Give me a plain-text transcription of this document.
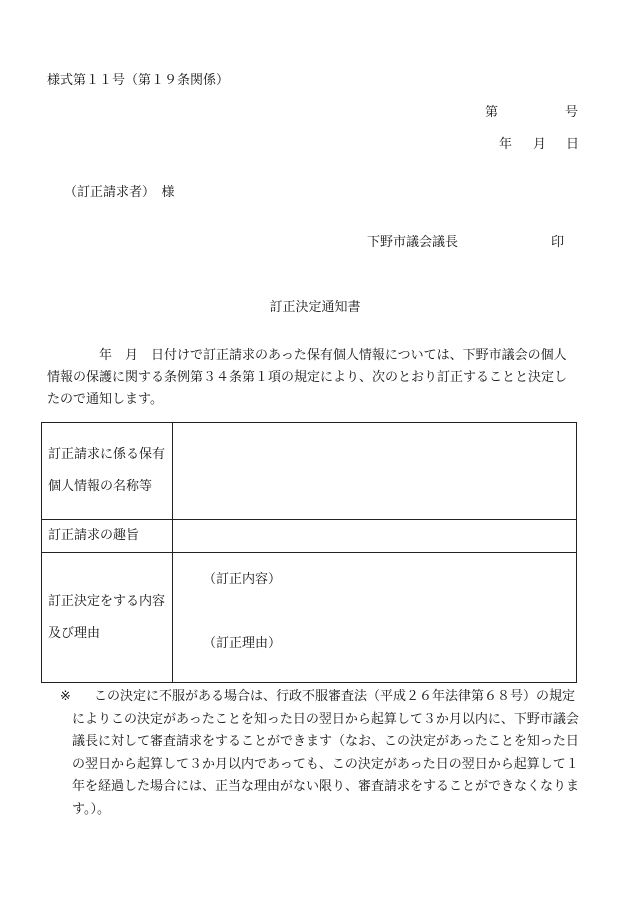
様式第１１号（第１９条関係）
第	号
年 月 日
（訂正請求者）　様
下野市議会議長	印
訂正決定通知書
年　月　日付けで訂正請求のあった保有個人情報については、下野市議会の個人情報の保護に関する条例第３４条第１項の規定により、次のとおり訂正することと決定したので通知します。
訂正請求に係る保有個人情報の名称等	
訂正請求の趣旨	
訂正決定をする内容及び理由	（訂正内容）
（訂正理由）
※	この決定に不服がある場合は、行政不服審査法（平成２６年法律第６８号）の規定によりこの決定があったことを知った日の翌日から起算して３か月以内に、下野市議会議長に対して審査請求をすることができます（なお、この決定があったことを知った日の翌日から起算して３か月以内であっても、この決定があった日の翌日から起算して１年を経過した場合には、正当な理由がない限り、審査請求をすることができなくなります。）。
